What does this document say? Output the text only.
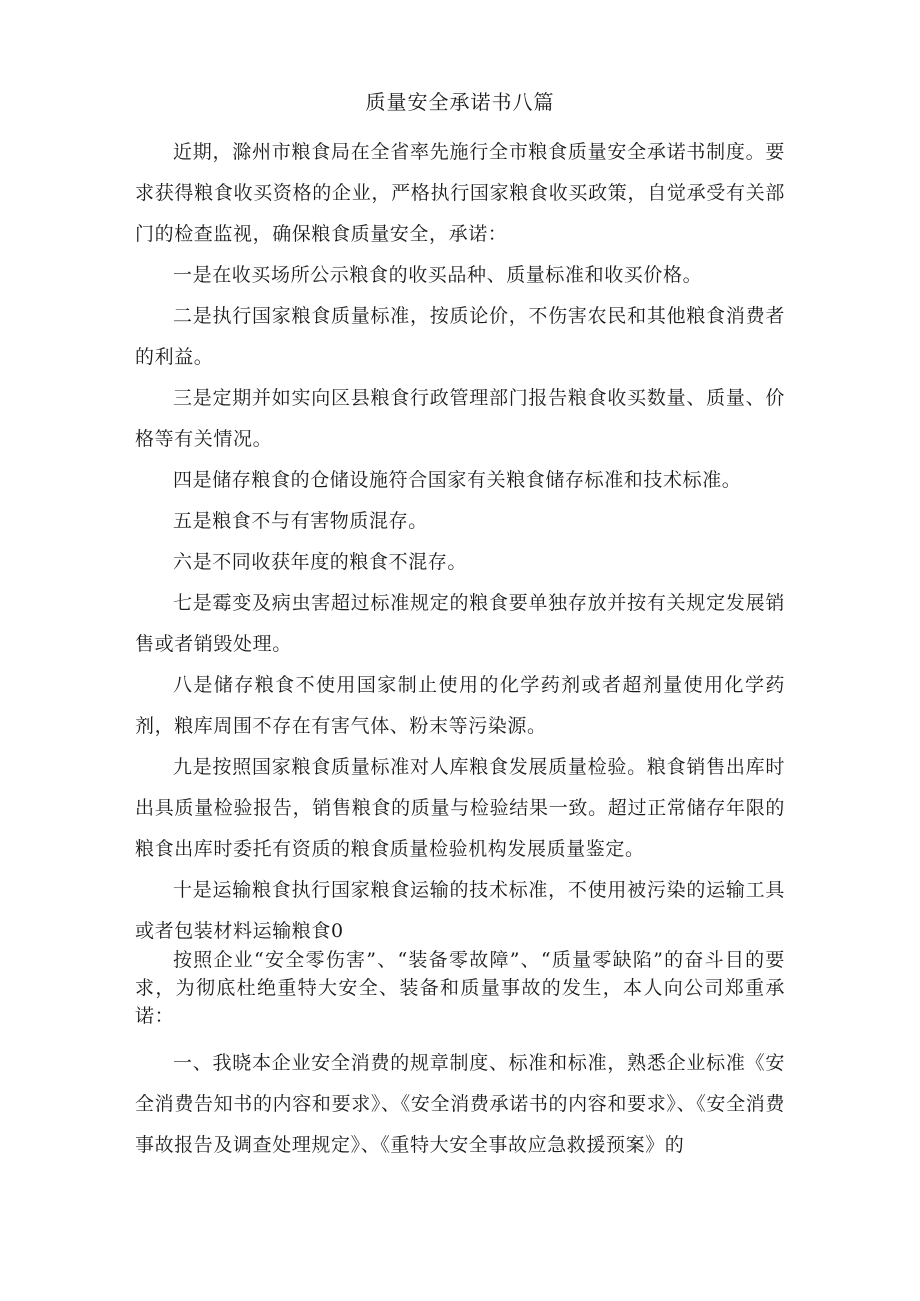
质量安全承诺书八篇

近期，滁州市粮食局在全省率先施行全市粮食质量安全承诺书制度。要求获得粮食收买资格的企业，严格执行国家粮食收买政策，自觉承受有关部门的检查监视，确保粮食质量安全，承诺：

一是在收买场所公示粮食的收买品种、质量标准和收买价格。

二是执行国家粮食质量标准，按质论价，不伤害农民和其他粮食消费者的利益。

三是定期并如实向区县粮食行政管理部门报告粮食收买数量、质量、价格等有关情况。

四是储存粮食的仓储设施符合国家有关粮食储存标准和技术标准。

五是粮食不与有害物质混存。

六是不同收获年度的粮食不混存。

七是霉变及病虫害超过标准规定的粮食要单独存放并按有关规定发展销售或者销毁处理。

八是储存粮食不使用国家制止使用的化学药剂或者超剂量使用化学药剂，粮库周围不存在有害气体、粉末等污染源。

九是按照国家粮食质量标准对人库粮食发展质量检验。粮食销售出库时出具质量检验报告，销售粮食的质量与检验结果一致。超过正常储存年限的粮食出库时委托有资质的粮食质量检验机构发展质量鉴定。

十是运输粮食执行国家粮食运输的技术标准，不使用被污染的运输工具或者包装材料运输粮食0

按照企业“安全零伤害”、“装备零故障”、“质量零缺陷”的奋斗目的要求，为彻底杜绝重特大安全、装备和质量事故的发生，本人向公司郑重承诺：

一、我晓本企业安全消费的规章制度、标准和标准，熟悉企业标准《安全消费告知书的内容和要求》、《安全消费承诺书的内容和要求》、《安全消费事故报告及调查处理规定》、《重特大安全事故应急救援预案》的
